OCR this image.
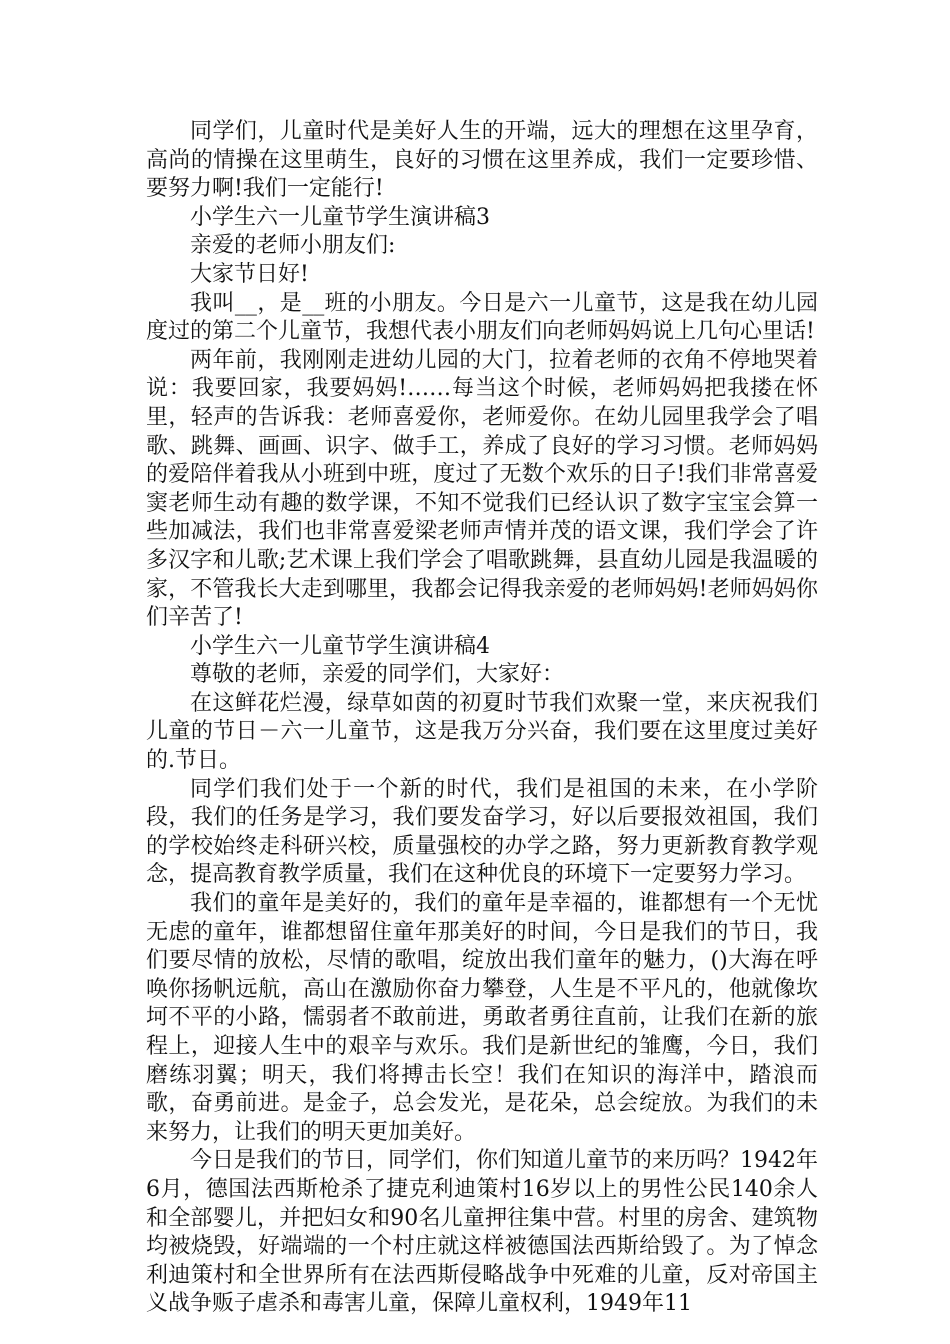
同学们，儿童时代是美好人生的开端，远大的理想在这里孕育，高尚的情操在这里萌生，良好的习惯在这里养成，我们一定要珍惜、要努力啊!我们一定能行!

小学生六一儿童节学生演讲稿3

亲爱的老师小朋友们:

大家节日好!

我叫__，是__班的小朋友。今日是六一儿童节，这是我在幼儿园度过的第二个儿童节，我想代表小朋友们向老师妈妈说上几句心里话!

两年前，我刚刚走进幼儿园的大门，拉着老师的衣角不停地哭着说：我要回家，我要妈妈!……每当这个时候，老师妈妈把我搂在怀里，轻声的告诉我：老师喜爱你，老师爱你。在幼儿园里我学会了唱歌、跳舞、画画、识字、做手工，养成了良好的学习习惯。老师妈妈的爱陪伴着我从小班到中班，度过了无数个欢乐的日子!我们非常喜爱窦老师生动有趣的数学课，不知不觉我们已经认识了数字宝宝会算一些加减法，我们也非常喜爱梁老师声情并茂的语文课，我们学会了许多汉字和儿歌;艺术课上我们学会了唱歌跳舞，县直幼儿园是我温暖的家，不管我长大走到哪里，我都会记得我亲爱的老师妈妈!老师妈妈你们辛苦了!

小学生六一儿童节学生演讲稿4

尊敬的老师，亲爱的同学们，大家好：

在这鲜花烂漫，绿草如茵的初夏时节我们欢聚一堂，来庆祝我们儿童的节日－六一儿童节，这是我万分兴奋，我们要在这里度过美好的.节日。

同学们我们处于一个新的时代，我们是祖国的未来，在小学阶段，我们的任务是学习，我们要发奋学习，好以后要报效祖国，我们的学校始终走科研兴校，质量强校的办学之路，努力更新教育教学观念，提高教育教学质量，我们在这种优良的环境下一定要努力学习。

我们的童年是美好的，我们的童年是幸福的，谁都想有一个无忧无虑的童年，谁都想留住童年那美好的时间，今日是我们的节日，我们要尽情的放松，尽情的歌唱，绽放出我们童年的魅力，()大海在呼唤你扬帆远航，高山在激励你奋力攀登，人生是不平凡的，他就像坎坷不平的小路，懦弱者不敢前进，勇敢者勇往直前，让我们在新的旅程上，迎接人生中的艰辛与欢乐。我们是新世纪的雏鹰，今日，我们磨练羽翼；明天，我们将搏击长空！我们在知识的海洋中，踏浪而歌，奋勇前进。是金子，总会发光，是花朵，总会绽放。为我们的未来努力，让我们的明天更加美好。

今日是我们的节日，同学们，你们知道儿童节的来历吗？1942年6月，德国法西斯枪杀了捷克利迪策村16岁以上的男性公民140余人和全部婴儿，并把妇女和90名儿童押往集中营。村里的房舍、建筑物均被烧毁，好端端的一个村庄就这样被德国法西斯给毁了。为了悼念利迪策村和全世界所有在法西斯侵略战争中死难的儿童，反对帝国主义战争贩子虐杀和毒害儿童，保障儿童权利，1949年11
